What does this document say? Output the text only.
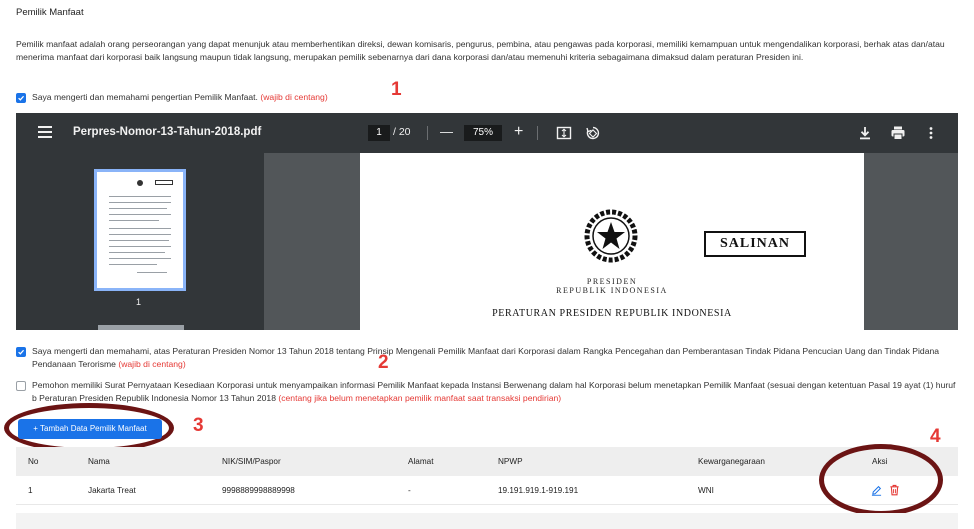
Pemilik Manfaat
Pemilik manfaat adalah orang perseorangan yang dapat menunjuk atau memberhentikan direksi, dewan komisaris, pengurus, pembina, atau pengawas pada korporasi, memiliki kemampuan untuk mengendalikan korporasi, berhak atas dan/atau menerima manfaat dari korporasi baik langsung maupun tidak langsung, merupakan pemilik sebenarnya dari dana korporasi dan/atau memenuhi kriteria sebagaimana dimaksud dalam peraturan Presiden ini.
Saya mengerti dan memahami pengertian Pemilik Manfaat. (wajib di centang)	1
Perpres-Nomor-13-Tahun-2018.pdf	1	/ 20 —	75%	+
1
SALINAN
PRESIDEN
REPUBLIK INDONESIA
PERATURAN PRESIDEN REPUBLIK INDONESIA
Saya mengerti dan memahami, atas Peraturan Presiden Nomor 13 Tahun 2018 tentang Prinsip Mengenali Pemilik Manfaat dari Korporasi dalam Rangka Pencegahan dan Pemberantasan Tindak Pidana Pencucian Uang dan Tindak Pidana Pendanaan Terorisme (wajib di centang)	2
Pemohon memiliki Surat Pernyataan Kesediaan Korporasi untuk menyampaikan informasi Pemilik Manfaat kepada Instansi Berwenang dalam hal Korporasi belum menetapkan Pemilik Manfaat (sesuai dengan ketentuan Pasal 19 ayat (1) huruf b Peraturan Presiden Republik Indonesia Nomor 13 Tahun 2018 (centang jika belum menetapkan pemilik manfaat saat transaksi pendirian)
+ Tambah Data Pemilik Manfaat	3
No	Nama	NIK/SIM/Paspor	Alamat	NPWP	Kewarganegaraan	Aksi
1	Jakarta Treat	9998889998889998	-	19.191.919.1-919.191	WNI
4
